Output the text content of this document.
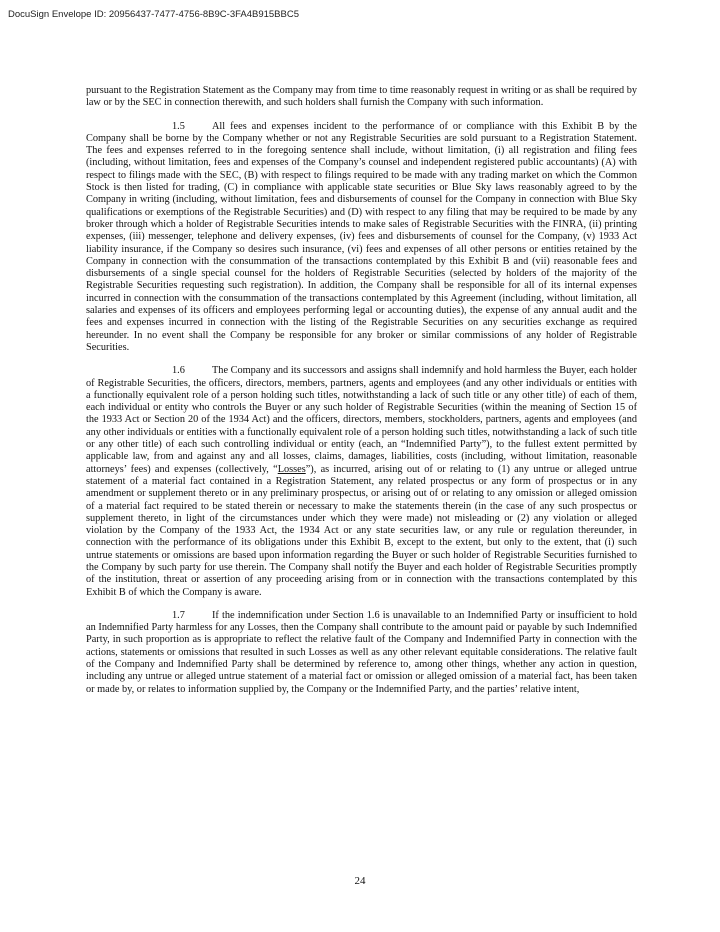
DocuSign Envelope ID: 20956437-7477-4756-8B9C-3FA4B915BBC5

pursuant to the Registration Statement as the Company may from time to time reasonably request in writing or as shall be required by law or by the SEC in connection therewith, and such holders shall furnish the Company with such information.

1.5	All fees and expenses incident to the performance of or compliance with this Exhibit B by the Company shall be borne by the Company whether or not any Registrable Securities are sold pursuant to a Registration Statement. The fees and expenses referred to in the foregoing sentence shall include, without limitation, (i) all registration and filing fees (including, without limitation, fees and expenses of the Company’s counsel and independent registered public accountants) (A) with respect to filings made with the SEC, (B) with respect to filings required to be made with any trading market on which the Common Stock is then listed for trading, (C) in compliance with applicable state securities or Blue Sky laws reasonably agreed to by the Company in writing (including, without limitation, fees and disbursements of counsel for the Company in connection with Blue Sky qualifications or exemptions of the Registrable Securities) and (D) with respect to any filing that may be required to be made by any broker through which a holder of Registrable Securities intends to make sales of Registrable Securities with the FINRA, (ii) printing expenses, (iii) messenger, telephone and delivery expenses, (iv) fees and disbursements of counsel for the Company, (v) 1933 Act liability insurance, if the Company so desires such insurance, (vi) fees and expenses of all other persons or entities retained by the Company in connection with the consummation of the transactions contemplated by this Exhibit B and (vii) reasonable fees and disbursements of a single special counsel for the holders of Registrable Securities (selected by holders of the majority of the Registrable Securities requesting such registration). In addition, the Company shall be responsible for all of its internal expenses incurred in connection with the consummation of the transactions contemplated by this Agreement (including, without limitation, all salaries and expenses of its officers and employees performing legal or accounting duties), the expense of any annual audit and the fees and expenses incurred in connection with the listing of the Registrable Securities on any securities exchange as required hereunder. In no event shall the Company be responsible for any broker or similar commissions of any holder of Registrable Securities.

1.6	The Company and its successors and assigns shall indemnify and hold harmless the Buyer, each holder of Registrable Securities, the officers, directors, members, partners, agents and employees (and any other individuals or entities with a functionally equivalent role of a person holding such titles, notwithstanding a lack of such title or any other title) of each of them, each individual or entity who controls the Buyer or any such holder of Registrable Securities (within the meaning of Section 15 of the 1933 Act or Section 20 of the 1934 Act) and the officers, directors, members, stockholders, partners, agents and employees (and any other individuals or entities with a functionally equivalent role of a person holding such titles, notwithstanding a lack of such title or any other title) of each such controlling individual or entity (each, an “Indemnified Party”), to the fullest extent permitted by applicable law, from and against any and all losses, claims, damages, liabilities, costs (including, without limitation, reasonable attorneys’ fees) and expenses (collectively, “Losses”), as incurred, arising out of or relating to (1) any untrue or alleged untrue statement of a material fact contained in a Registration Statement, any related prospectus or any form of prospectus or in any amendment or supplement thereto or in any preliminary prospectus, or arising out of or relating to any omission or alleged omission of a material fact required to be stated therein or necessary to make the statements therein (in the case of any such prospectus or supplement thereto, in light of the circumstances under which they were made) not misleading or (2) any violation or alleged violation by the Company of the 1933 Act, the 1934 Act or any state securities law, or any rule or regulation thereunder, in connection with the performance of its obligations under this Exhibit B, except to the extent, but only to the extent, that (i) such untrue statements or omissions are based upon information regarding the Buyer or such holder of Registrable Securities furnished to the Company by such party for use therein. The Company shall notify the Buyer and each holder of Registrable Securities promptly of the institution, threat or assertion of any proceeding arising from or in connection with the transactions contemplated by this Exhibit B of which the Company is aware.

1.7	If the indemnification under Section 1.6 is unavailable to an Indemnified Party or insufficient to hold an Indemnified Party harmless for any Losses, then the Company shall contribute to the amount paid or payable by such Indemnified Party, in such proportion as is appropriate to reflect the relative fault of the Company and Indemnified Party in connection with the actions, statements or omissions that resulted in such Losses as well as any other relevant equitable considerations. The relative fault of the Company and Indemnified Party shall be determined by reference to, among other things, whether any action in question, including any untrue or alleged untrue statement of a material fact or omission or alleged omission of a material fact, has been taken or made by, or relates to information supplied by, the Company or the Indemnified Party, and the parties’ relative intent,

24
